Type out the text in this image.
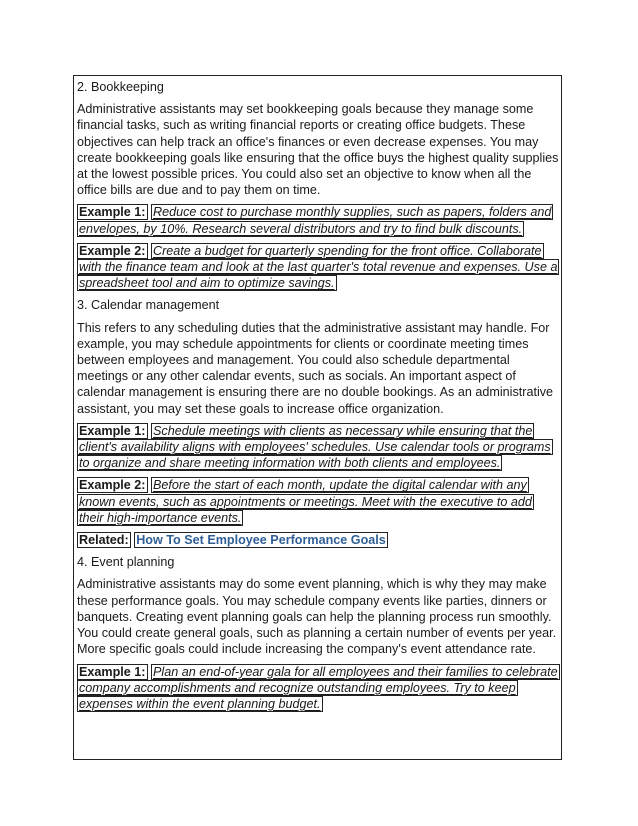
2. Bookkeeping

Administrative assistants may set bookkeeping goals because they manage some financial tasks, such as writing financial reports or creating office budgets. These objectives can help track an office's finances or even decrease expenses. You may create bookkeeping goals like ensuring that the office buys the highest quality supplies at the lowest possible prices. You could also set an objective to know when all the office bills are due and to pay them on time.

Example 1: Reduce cost to purchase monthly supplies, such as papers, folders and envelopes, by 10%. Research several distributors and try to find bulk discounts.

Example 2: Create a budget for quarterly spending for the front office. Collaborate with the finance team and look at the last quarter's total revenue and expenses. Use a spreadsheet tool and aim to optimize savings.

3. Calendar management

This refers to any scheduling duties that the administrative assistant may handle. For example, you may schedule appointments for clients or coordinate meeting times between employees and management. You could also schedule departmental meetings or any other calendar events, such as socials. An important aspect of calendar management is ensuring there are no double bookings. As an administrative assistant, you may set these goals to increase office organization.

Example 1: Schedule meetings with clients as necessary while ensuring that the client's availability aligns with employees' schedules. Use calendar tools or programs to organize and share meeting information with both clients and employees.

Example 2: Before the start of each month, update the digital calendar with any known events, such as appointments or meetings. Meet with the executive to add their high-importance events.

Related: How To Set Employee Performance Goals

4. Event planning

Administrative assistants may do some event planning, which is why they may make these performance goals. You may schedule company events like parties, dinners or banquets. Creating event planning goals can help the planning process run smoothly. You could create general goals, such as planning a certain number of events per year. More specific goals could include increasing the company's event attendance rate.

Example 1: Plan an end-of-year gala for all employees and their families to celebrate company accomplishments and recognize outstanding employees. Try to keep expenses within the event planning budget.
